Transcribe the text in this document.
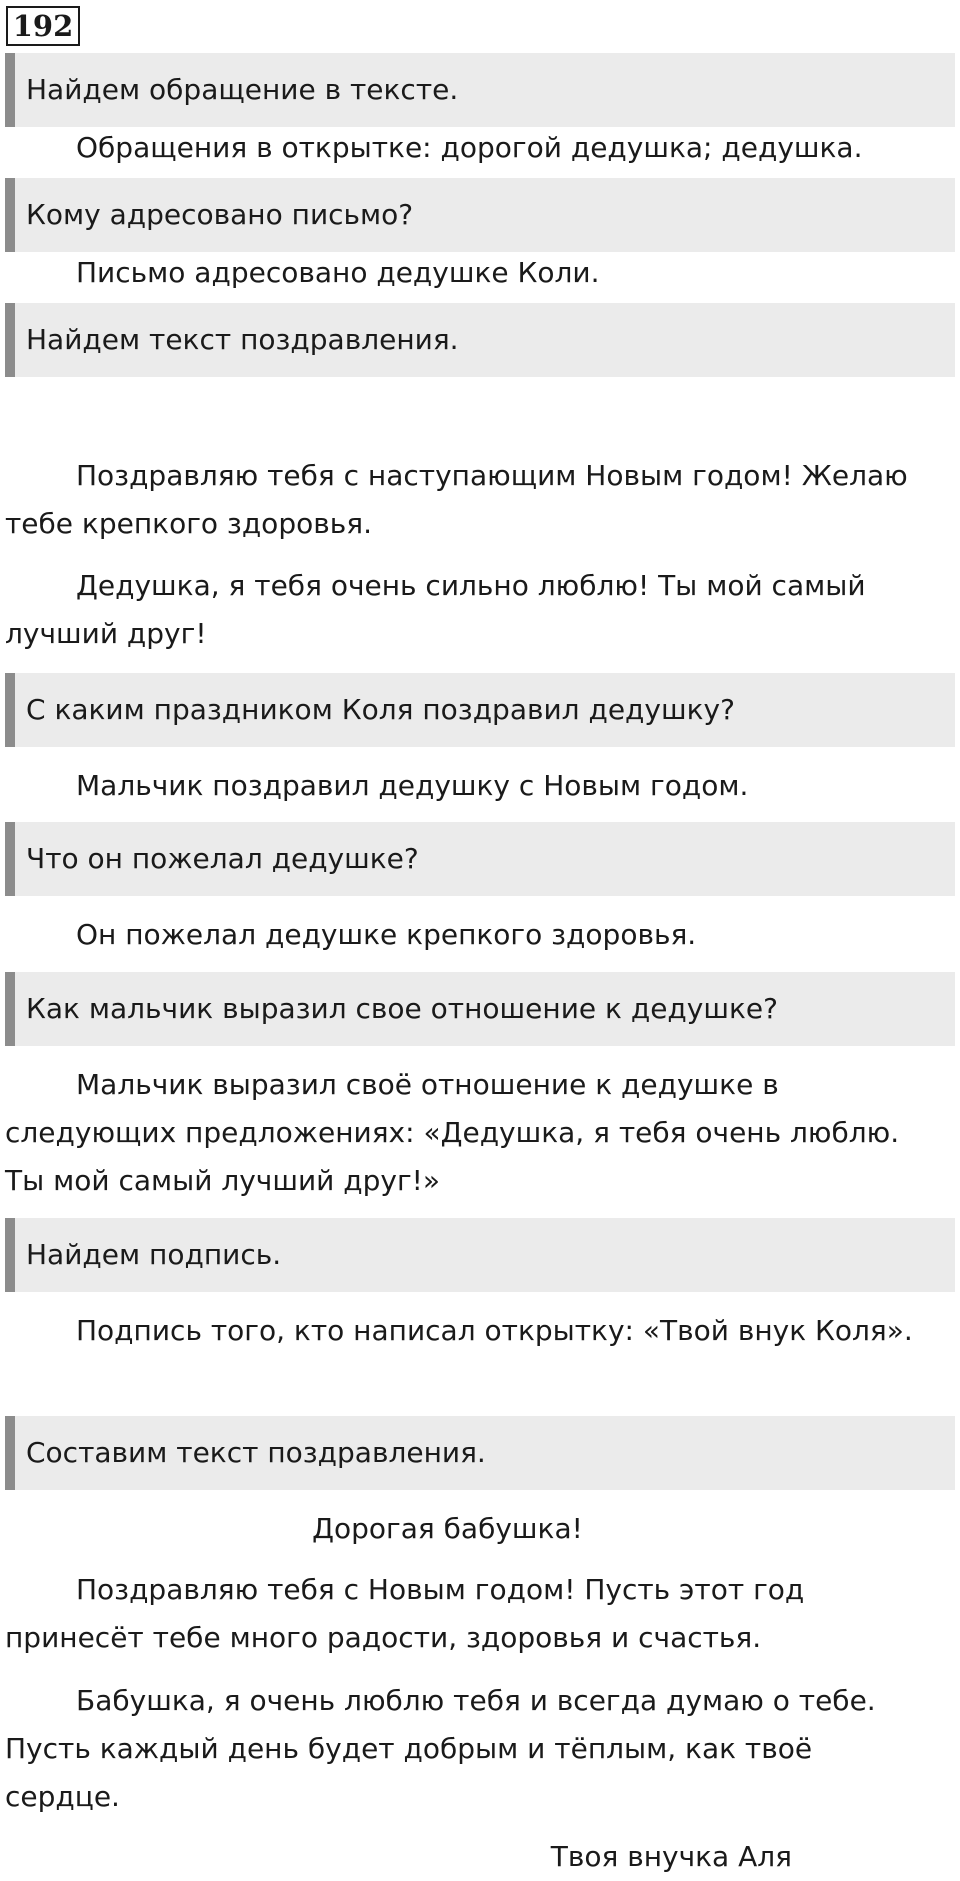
192
Найдем обращение в тексте.
Обращения в открытке: дорогой дедушка; дедушка.
Кому адресовано письмо?
Письмо адресовано дедушке Коли.
Найдем текст поздравления.
Поздравляю тебя с наступающим Новым годом! Желаю тебе крепкого здоровья.
Дедушка, я тебя очень сильно люблю! Ты мой самый лучший друг!
С каким праздником Коля поздравил дедушку?
Мальчик поздравил дедушку с Новым годом.
Что он пожелал дедушке?
Он пожелал дедушке крепкого здоровья.
Как мальчик выразил свое отношение к дедушке?
Мальчик выразил своё отношение к дедушке в следующих предложениях: «Дедушка, я тебя очень люблю. Ты мой самый лучший друг!»
Найдем подпись.
Подпись того, кто написал открытку: «Твой внук Коля».
Составим текст поздравления.
Дорогая бабушка!
Поздравляю тебя с Новым годом! Пусть этот год принесёт тебе много радости, здоровья и счастья.
Бабушка, я очень люблю тебя и всегда думаю о тебе. Пусть каждый день будет добрым и тёплым, как твоё сердце.
Твоя внучка Аля
